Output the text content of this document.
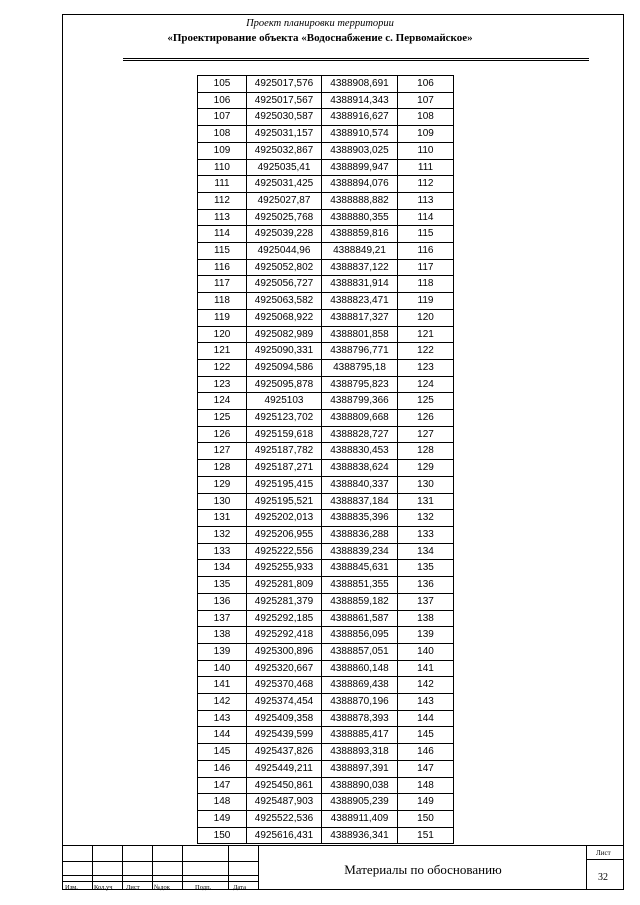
Проект планировки территории
«Проектирование объекта «Водоснабжение с. Первомайское»
105	4925017,576	4388908,691	106
106	4925017,567	4388914,343	107
107	4925030,587	4388916,627	108
108	4925031,157	4388910,574	109
109	4925032,867	4388903,025	110
110	4925035,41	4388899,947	111
111	4925031,425	4388894,076	112
112	4925027,87	4388888,882	113
113	4925025,768	4388880,355	114
114	4925039,228	4388859,816	115
115	4925044,96	4388849,21	116
116	4925052,802	4388837,122	117
117	4925056,727	4388831,914	118
118	4925063,582	4388823,471	119
119	4925068,922	4388817,327	120
120	4925082,989	4388801,858	121
121	4925090,331	4388796,771	122
122	4925094,586	4388795,18	123
123	4925095,878	4388795,823	124
124	4925103	4388799,366	125
125	4925123,702	4388809,668	126
126	4925159,618	4388828,727	127
127	4925187,782	4388830,453	128
128	4925187,271	4388838,624	129
129	4925195,415	4388840,337	130
130	4925195,521	4388837,184	131
131	4925202,013	4388835,396	132
132	4925206,955	4388836,288	133
133	4925222,556	4388839,234	134
134	4925255,933	4388845,631	135
135	4925281,809	4388851,355	136
136	4925281,379	4388859,182	137
137	4925292,185	4388861,587	138
138	4925292,418	4388856,095	139
139	4925300,896	4388857,051	140
140	4925320,667	4388860,148	141
141	4925370,468	4388869,438	142
142	4925374,454	4388870,196	143
143	4925409,358	4388878,393	144
144	4925439,599	4388885,417	145
145	4925437,826	4388893,318	146
146	4925449,211	4388897,391	147
147	4925450,861	4388890,038	148
148	4925487,903	4388905,239	149
149	4925522,536	4388911,409	150
150	4925616,431	4388936,341	151
Изм. Кол.уч Лист №док	Подп.	Дата
Материалы по обоснованию
Лист
32
